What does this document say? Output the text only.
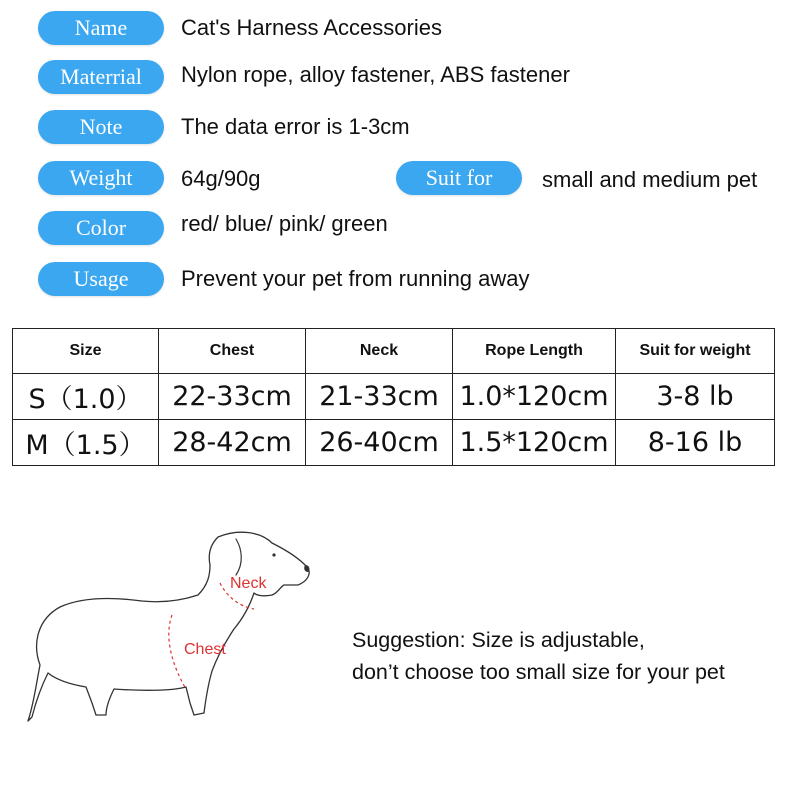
Name	Cat's Harness Accessories
Materrial	Nylon rope, alloy fastener, ABS fastener
Note	The data error is 1-3cm
Weight	64g/90g	Suit for	small and medium pet
Color	red/ blue/ pink/ green
Usage	Prevent your pet from running away
Size	Chest	Neck	Rope Length	Suit for weight
S（1.0）	22-33cm	21-33cm	1.0*120cm	3-8 lb
M（1.5）	28-42cm	26-40cm	1.5*120cm	8-16 lb
Neck
Chest	Suggestion: Size is adjustable,
don’t choose too small size for your pet
